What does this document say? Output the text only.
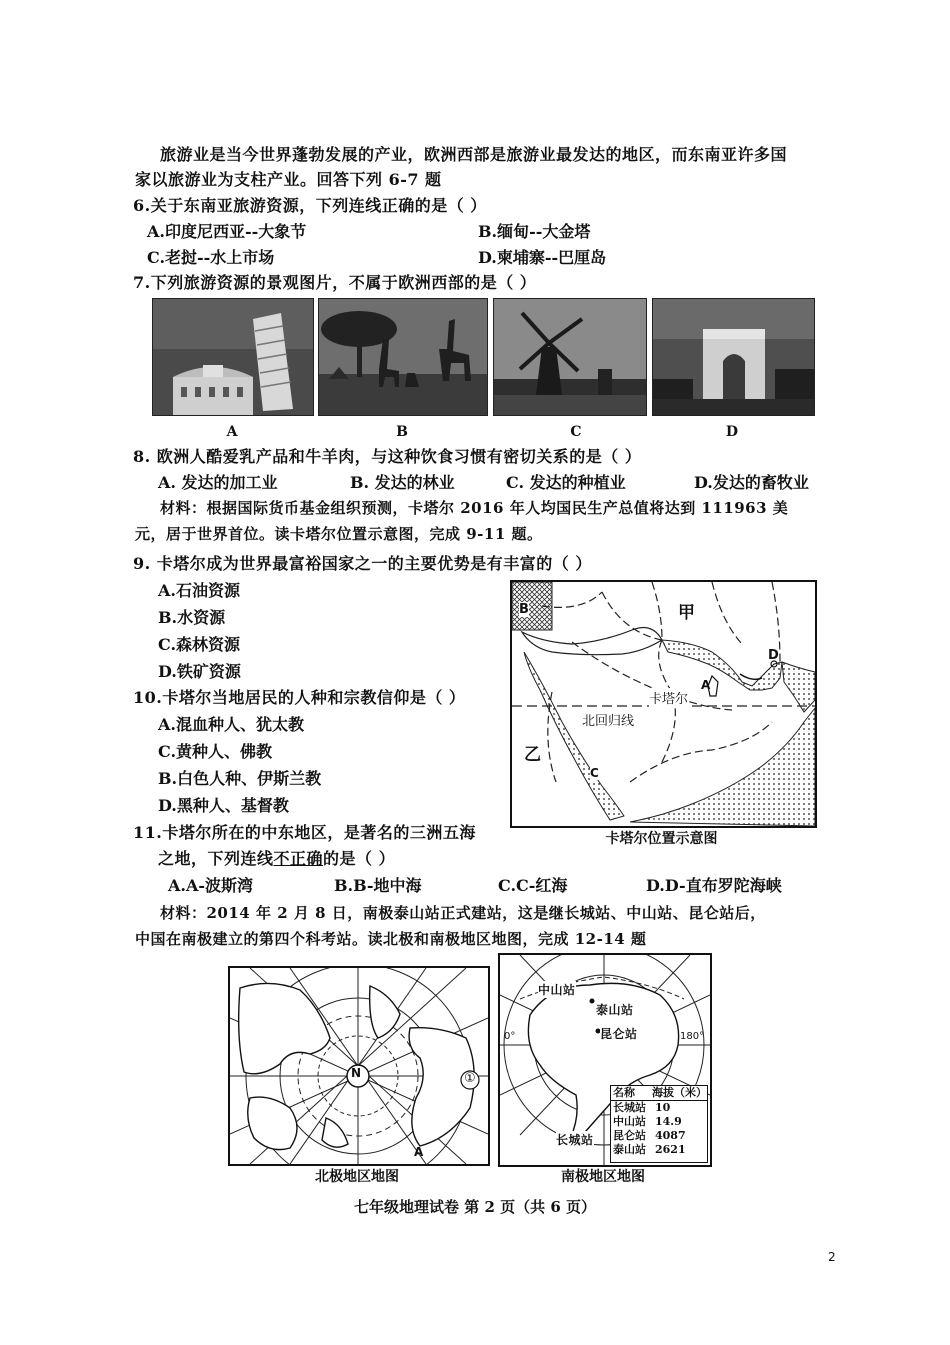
旅游业是当今世界蓬勃发展的产业，欧洲西部是旅游业最发达的地区，而东南亚许多国
家以旅游业为支柱产业。回答下列 6-7 题
6.关于东南亚旅游资源，下列连线正确的是（ ）
A.印度尼西亚--大象节	B.缅甸--大金塔
C.老挝--水上市场	D.柬埔寨--巴厘岛
7.下列旅游资源的景观图片，不属于欧洲西部的是（ ）
A	B	C	D
8. 欧洲人酷爱乳产品和牛羊肉，与这种饮食习惯有密切关系的是（ ）
A. 发达的加工业	B. 发达的林业	C. 发达的种植业	D.发达的畜牧业
材料：根据国际货币基金组织预测，卡塔尔 2016 年人均国民生产总值将达到 111963 美
元，居于世界首位。读卡塔尔位置示意图，完成 9-11 题。
9. 卡塔尔成为世界最富裕国家之一的主要优势是有丰富的（ ）
A.石油资源
B.水资源
C.森林资源
D.铁矿资源
10.卡塔尔当地居民的人种和宗教信仰是（ ）
A.混血种人、犹太教
C.黄种人、佛教
B.白色人种、伊斯兰教
D.黑种人、基督教
11.卡塔尔所在的中东地区，是著名的三洲五海
之地，下列连线不正确的是（ ）
A.A-波斯湾	B.B-地中海	C.C-红海	D.D-直布罗陀海峡
甲
乙
B
D
A
C
卡塔尔
北回归线
卡塔尔位置示意图
材料：2014 年 2 月 8 日，南极泰山站正式建站，这是继长城站、中山站、昆仑站后，
中国在南极建立的第四个科考站。读北极和南极地区地图，完成 12-14 题
N	①
A
北极地区地图
中山站
泰山站
昆仑站
长城站
0°	180°
名称	海拔（米）
长城站 10
中山站 14.9
昆仑站 4087
泰山站 2621
南极地区地图
七年级地理试卷 第 2 页（共 6 页）
2
